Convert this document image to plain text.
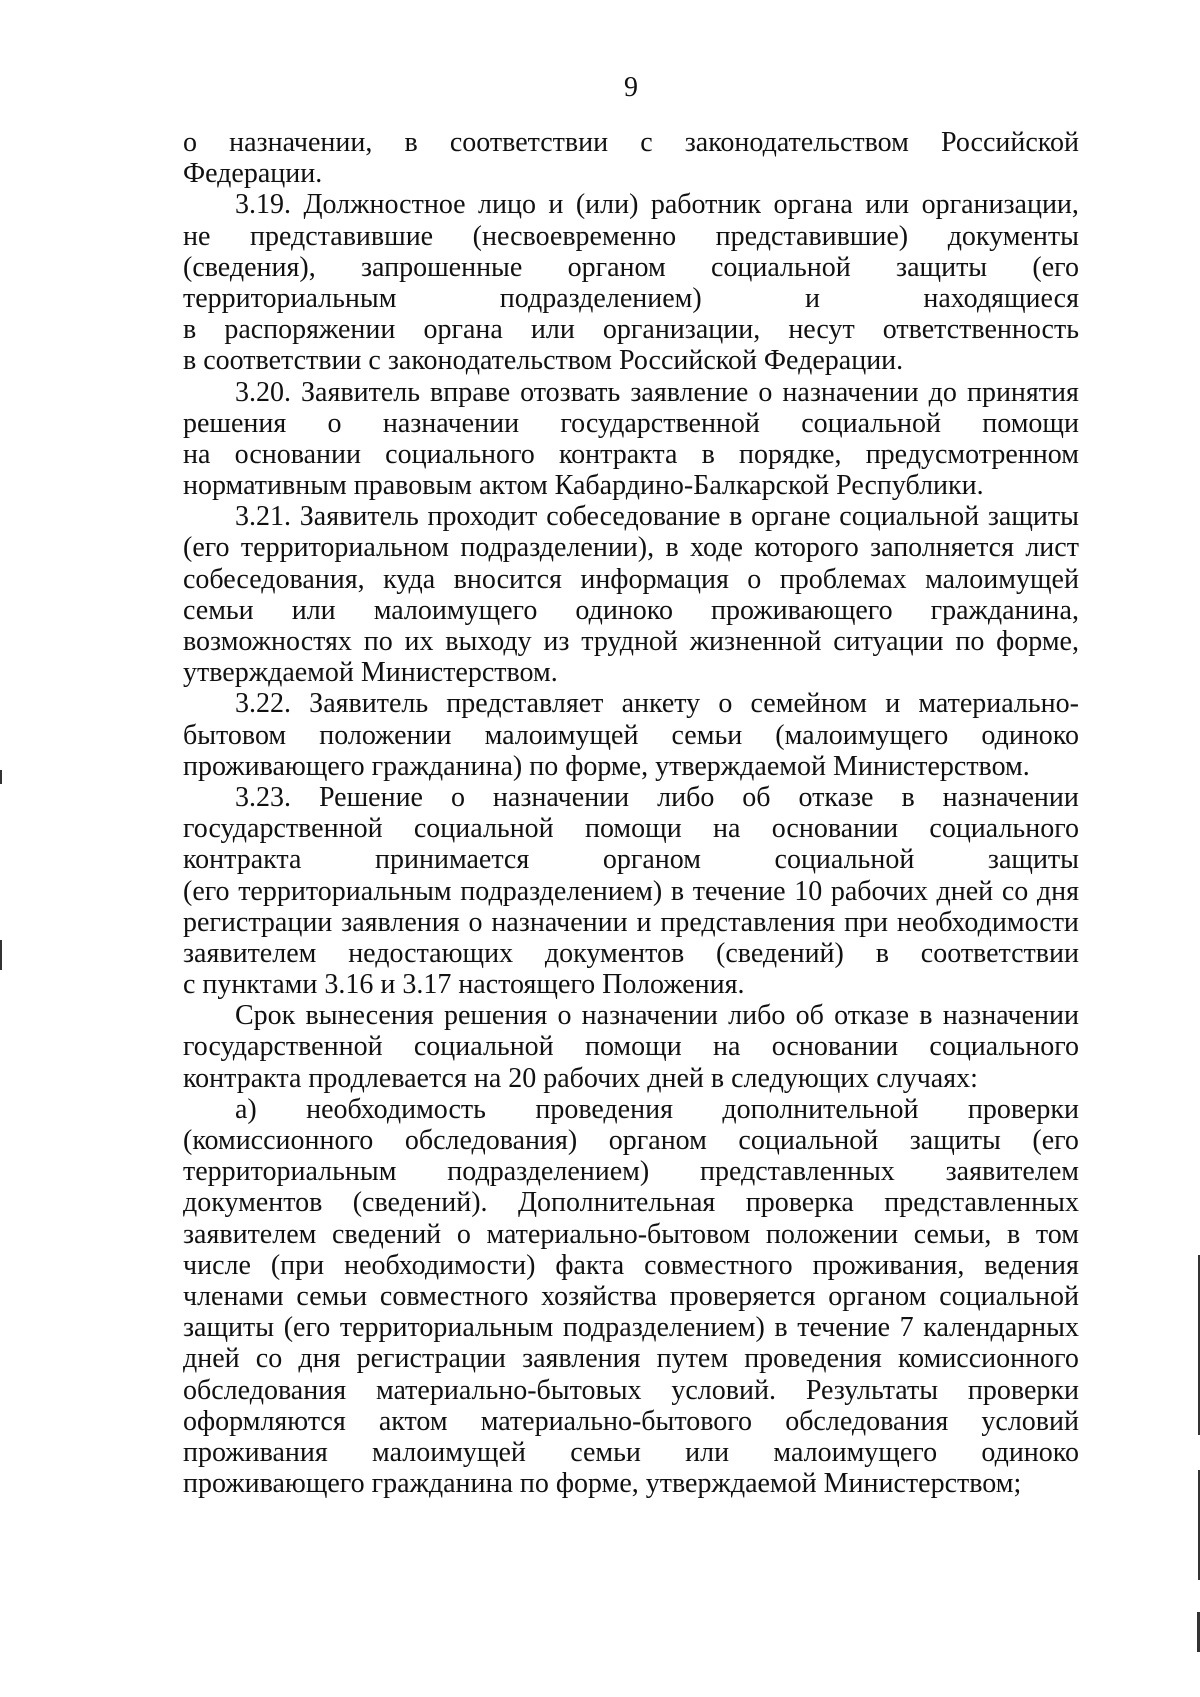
9
о назначении, в соответствии с законодательством Российской
Федерации.
3.19. Должностное лицо и (или) работник органа или организации,
не представившие (несвоевременно представившие) документы
(сведения), запрошенные органом социальной защиты (его
территориальным	подразделением)	и	находящиеся
в распоряжении органа или организации, несут ответственность
в соответствии с законодательством Российской Федерации.
3.20. Заявитель вправе отозвать заявление о назначении до принятия
решения о назначении государственной социальной помощи
на основании социального контракта в порядке, предусмотренном
нормативным правовым актом Кабардино-Балкарской Республики.
3.21. Заявитель проходит собеседование в органе социальной защиты
(его территориальном подразделении), в ходе которого заполняется лист
собеседования, куда вносится информация о проблемах малоимущей
семьи или малоимущего одиноко проживающего гражданина,
возможностях по их выходу из трудной жизненной ситуации по форме,
утверждаемой Министерством.
3.22. Заявитель представляет анкету о семейном и материально-
бытовом положении малоимущей семьи (малоимущего одиноко
проживающего гражданина) по форме, утверждаемой Министерством.
3.23. Решение о назначении либо об отказе в назначении
государственной социальной помощи на основании социального
контракта	принимается	органом	социальной	защиты
(его территориальным подразделением) в течение 10 рабочих дней со дня
регистрации заявления о назначении и представления при необходимости
заявителем недостающих документов (сведений) в соответствии
с пунктами 3.16 и 3.17 настоящего Положения.
Срок вынесения решения о назначении либо об отказе в назначении
государственной социальной помощи на основании социального
контракта продлевается на 20 рабочих дней в следующих случаях:
а) необходимость проведения дополнительной проверки
(комиссионного обследования) органом социальной защиты (его
территориальным подразделением) представленных заявителем
документов (сведений). Дополнительная проверка представленных
заявителем сведений о материально-бытовом положении семьи, в том
числе (при необходимости) факта совместного проживания, ведения
членами семьи совместного хозяйства проверяется органом социальной
защиты (его территориальным подразделением) в течение 7 календарных
дней со дня регистрации заявления путем проведения комиссионного
обследования материально-бытовых условий. Результаты проверки
оформляются актом материально-бытового обследования условий
проживания малоимущей семьи или малоимущего одиноко
проживающего гражданина по форме, утверждаемой Министерством;
